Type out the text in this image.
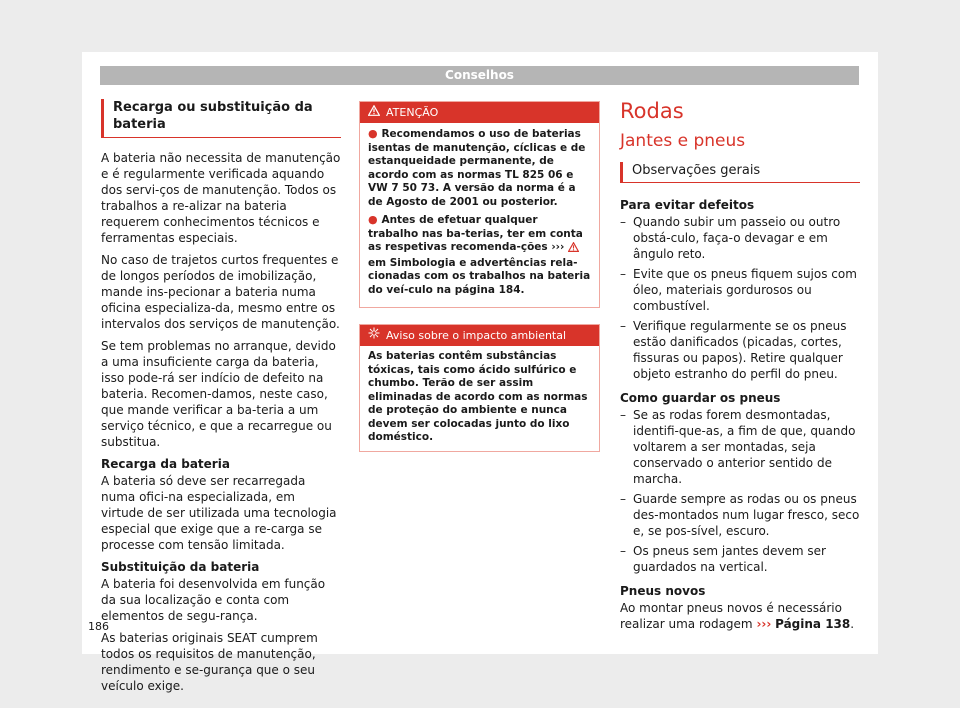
Conselhos
Recarga ou substituição da bateria

A bateria não necessita de manutenção e é regularmente verificada aquando dos servi-ços de manutenção. Todos os trabalhos a re-alizar na bateria requerem conhecimentos técnicos e ferramentas especiais.

No caso de trajetos curtos frequentes e de longos períodos de imobilização, mande ins-pecionar a bateria numa oficina especializa-da, mesmo entre os intervalos dos serviços de manutenção.

Se tem problemas no arranque, devido a uma insuficiente carga da bateria, isso pode-rá ser indício de defeito na bateria. Recomen-damos, neste caso, que mande verificar a ba-teria a um serviço técnico, e que a recarregue ou substitua.

Recarga da bateria

A bateria só deve ser recarregada numa ofici-na especializada, em virtude de ser utilizada uma tecnologia especial que exige que a re-carga se processe com tensão limitada.

Substituição da bateria

A bateria foi desenvolvida em função da sua localização e conta com elementos de segu-rança.

As baterias originais SEAT cumprem todos os requisitos de manutenção, rendimento e se-gurança que o seu veículo exige.

ATENÇÃO

● Recomendamos o uso de baterias isentas de manutenção, cíclicas e de estanqueidade permanente, de acordo com as normas TL 825 06 e VW 7 50 73. A versão da norma é a de Agosto de 2001 ou posterior.

● Antes de efetuar qualquer trabalho nas ba-terias, ter em conta as respetivas recomenda-ções ›››  em Simbologia e advertências rela-cionadas com os trabalhos na bateria do veí-culo na página 184.

Aviso sobre o impacto ambiental
As baterias contêm substâncias tóxicas, tais como ácido sulfúrico e chumbo. Terão de ser assim eliminadas de acordo com as normas de proteção do ambiente e nunca devem ser colocadas junto do lixo doméstico.
Rodas
Jantes e pneus
Observações gerais
Para evitar defeitos
– Quando subir um passeio ou outro obstá-culo, faça-o devagar e em ângulo reto.
– Evite que os pneus fiquem sujos com óleo, materiais gordurosos ou combustível.
– Verifique regularmente se os pneus estão danificados (picadas, cortes, fissuras ou papos). Retire qualquer objeto estranho do perfil do pneu.
Como guardar os pneus
– Se as rodas forem desmontadas, identifi-que-as, a fim de que, quando voltarem a ser montadas, seja conservado o anterior sentido de marcha.
– Guarde sempre as rodas ou os pneus des-montados num lugar fresco, seco e, se pos-sível, escuro.
– Os pneus sem jantes devem ser guardados na vertical.
Pneus novos

Ao montar pneus novos é necessário realizar uma rodagem ››› Página 138.

186
